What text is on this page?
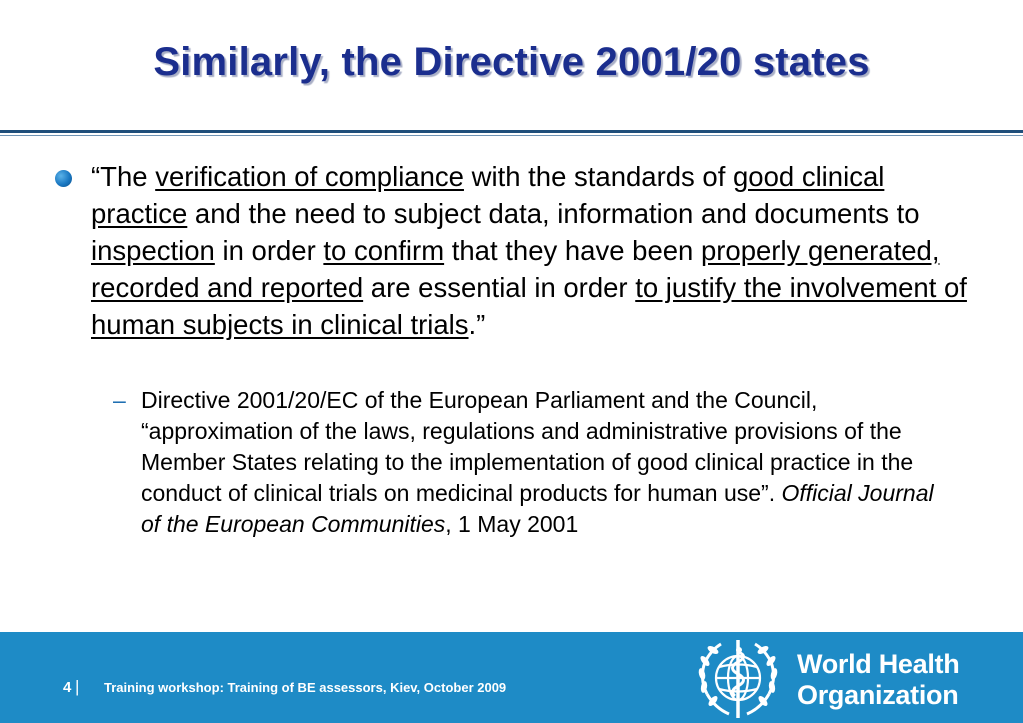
Similarly, the Directive 2001/20 states
“The verification of compliance with the standards of good clinical practice and the need to subject data, information and documents to inspection in order to confirm that they have been properly generated, recorded and reported are essential in order to justify the involvement of human subjects in clinical trials.”
– Directive 2001/20/EC of the European Parliament and the Council, “approximation of the laws, regulations and administrative provisions of the Member States relating to the implementation of good clinical practice in the conduct of clinical trials on medicinal products for human use”. Official Journal of the European Communities, 1 May 2001
4 | Training workshop: Training of BE assessors, Kiev, October 2009
World Health
Organization
